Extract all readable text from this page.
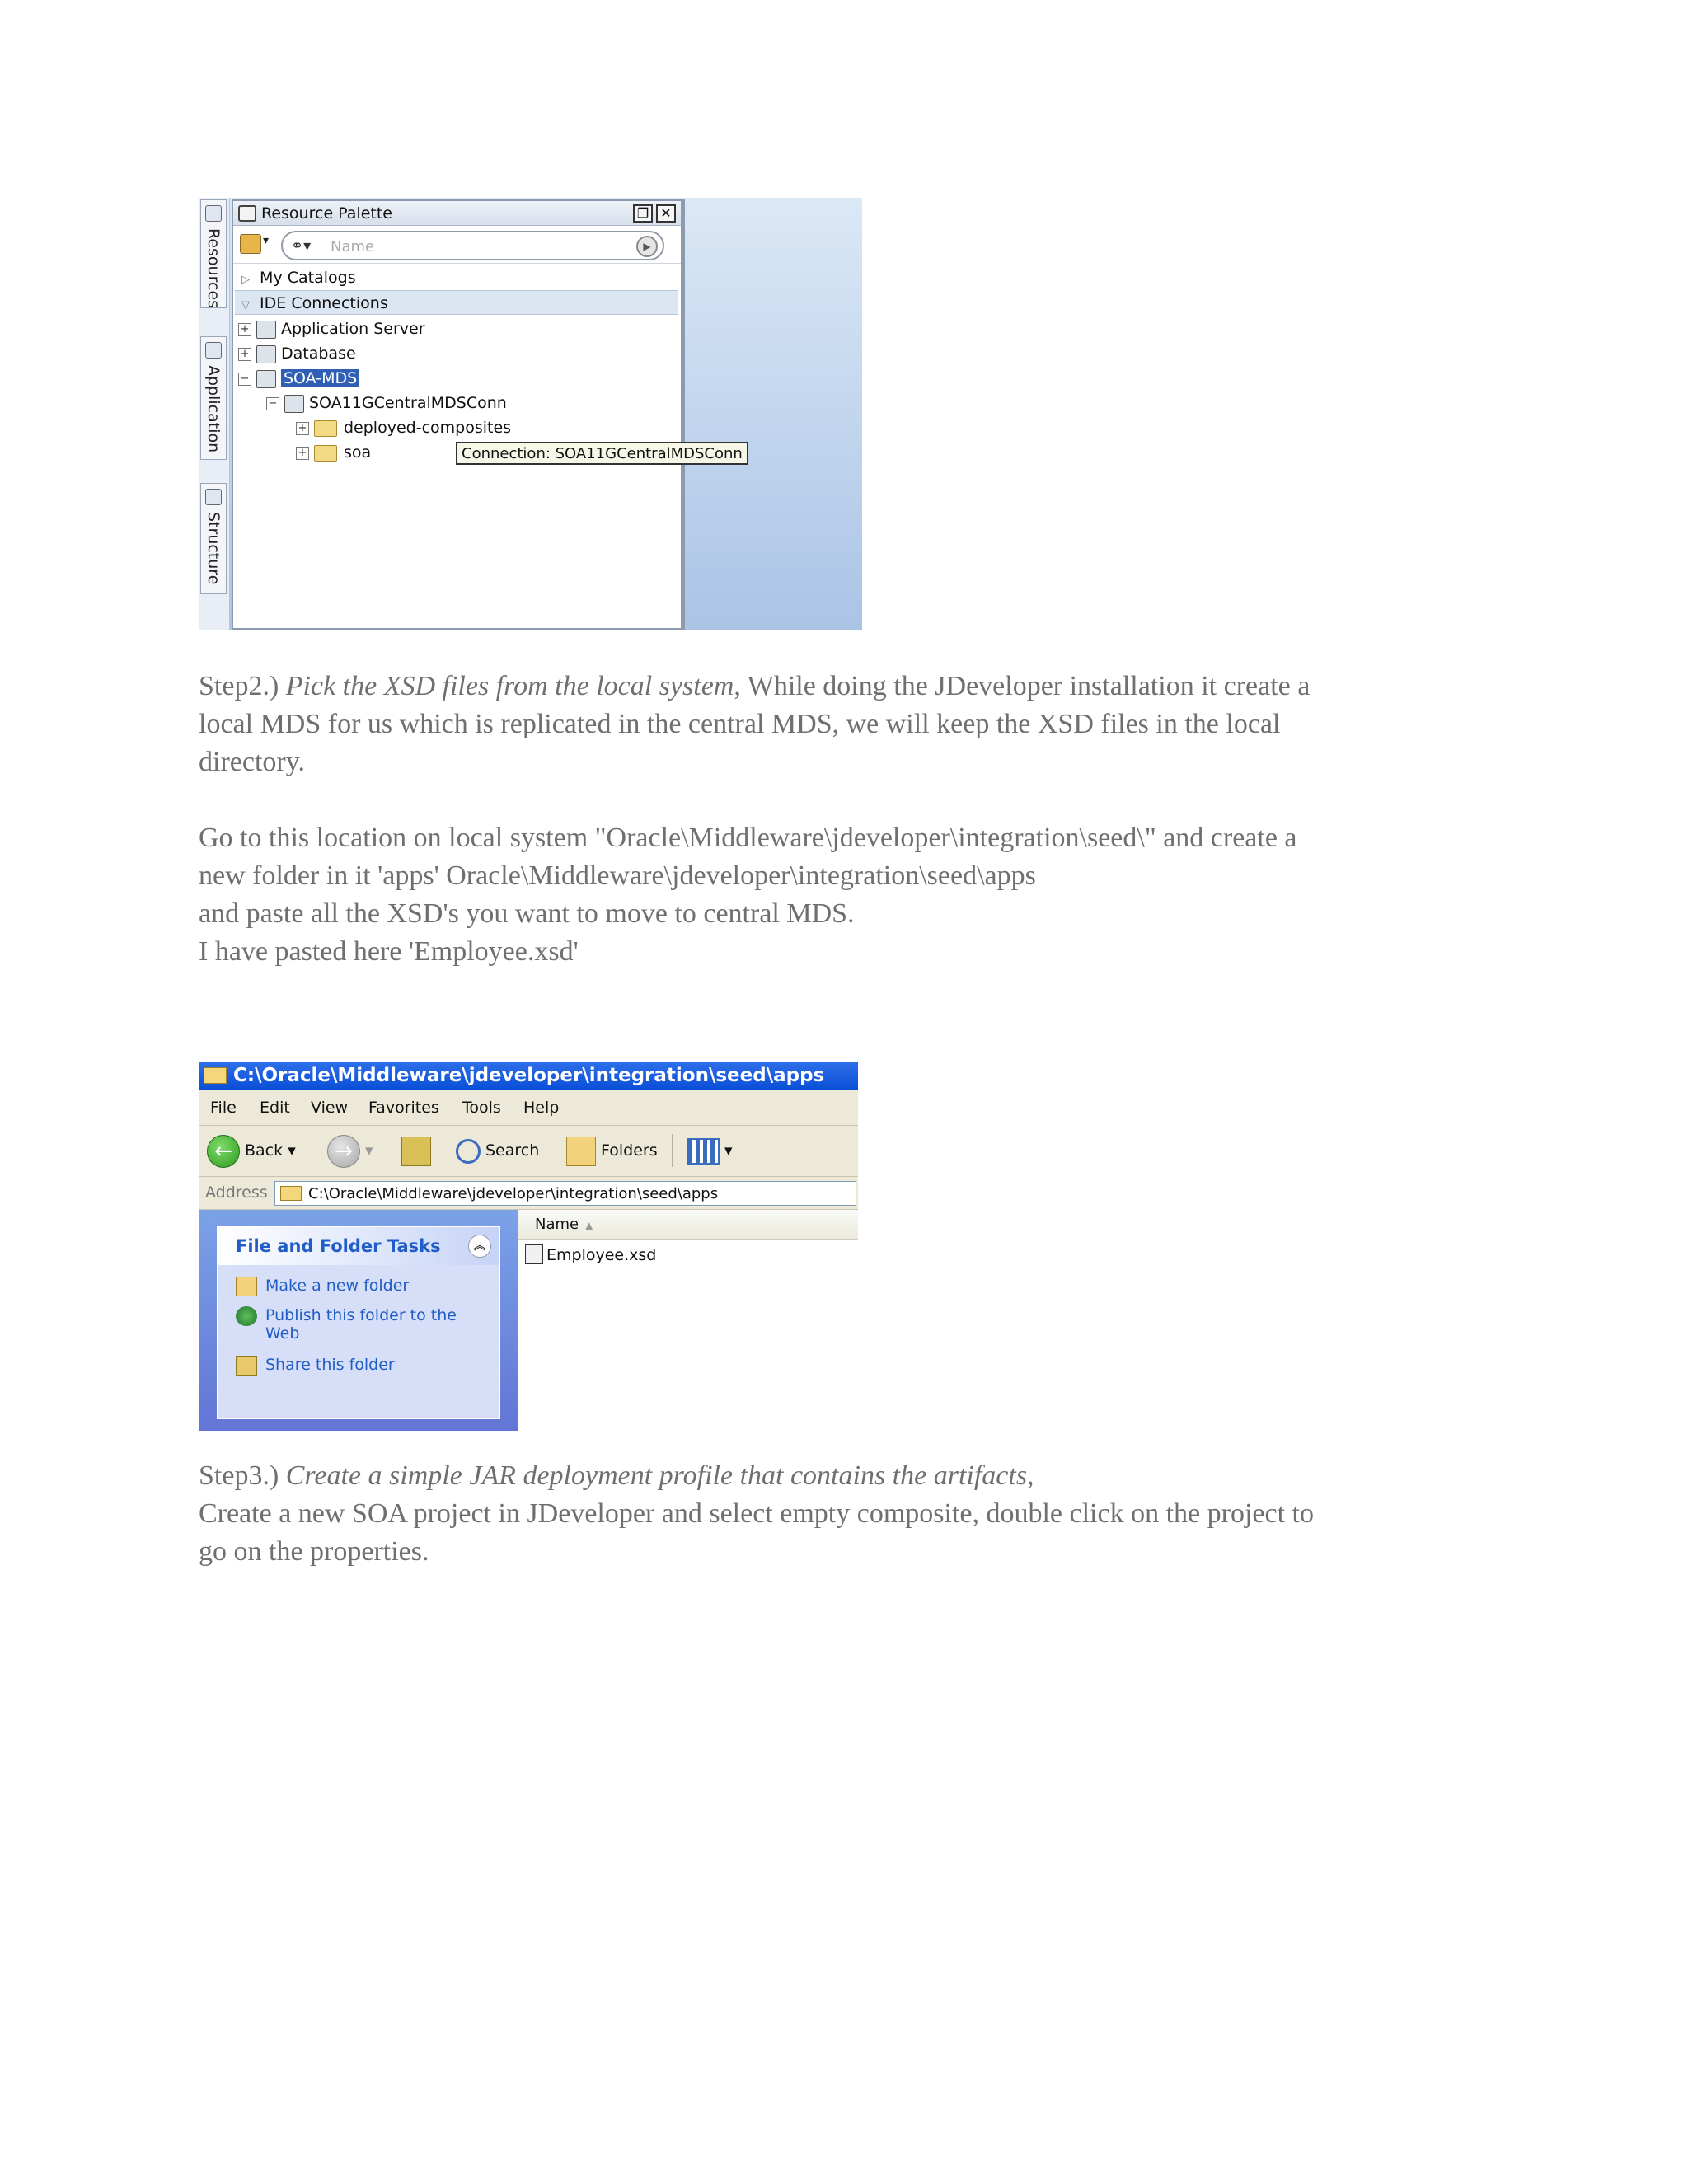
Resources
Application
Structure
Resource Palette	❐ ✕
▾ ⚭▾
Name	▶
▷ My Catalogs
▽ IDE Connections
+ Application Server
+ Database
− SOA-MDS
− SOA11GCentralMDSConn
+ deployed-composites
+ soa	Connection: SOA11GCentralMDSConn
Step2.) Pick the XSD files from the local system, While doing the JDeveloper installation it create a
local MDS for us which is replicated in the central MDS, we will keep the XSD files in the local
directory.
Go to this location on local system "Oracle\Middleware\jdeveloper\integration\seed\" and create a
new folder in it 'apps' Oracle\Middleware\jdeveloper\integration\seed\apps
and paste all the XSD's you want to move to central MDS.
I have pasted here 'Employee.xsd'
C:\Oracle\Middleware\jdeveloper\integration\seed\apps
File Edit View Favorites Tools Help
← Back ▾	→ ▾	Search	Folders	▾
Address
C:\Oracle\Middleware\jdeveloper\integration\seed\apps
File and Folder Tasks	︽
Make a new folder
Publish this folder to the
Web
Share this folder
Name ▲
Employee.xsd
Step3.) Create a simple JAR deployment profile that contains the artifacts,
Create a new SOA project in JDeveloper and select empty composite, double click on the project to
go on the properties.
